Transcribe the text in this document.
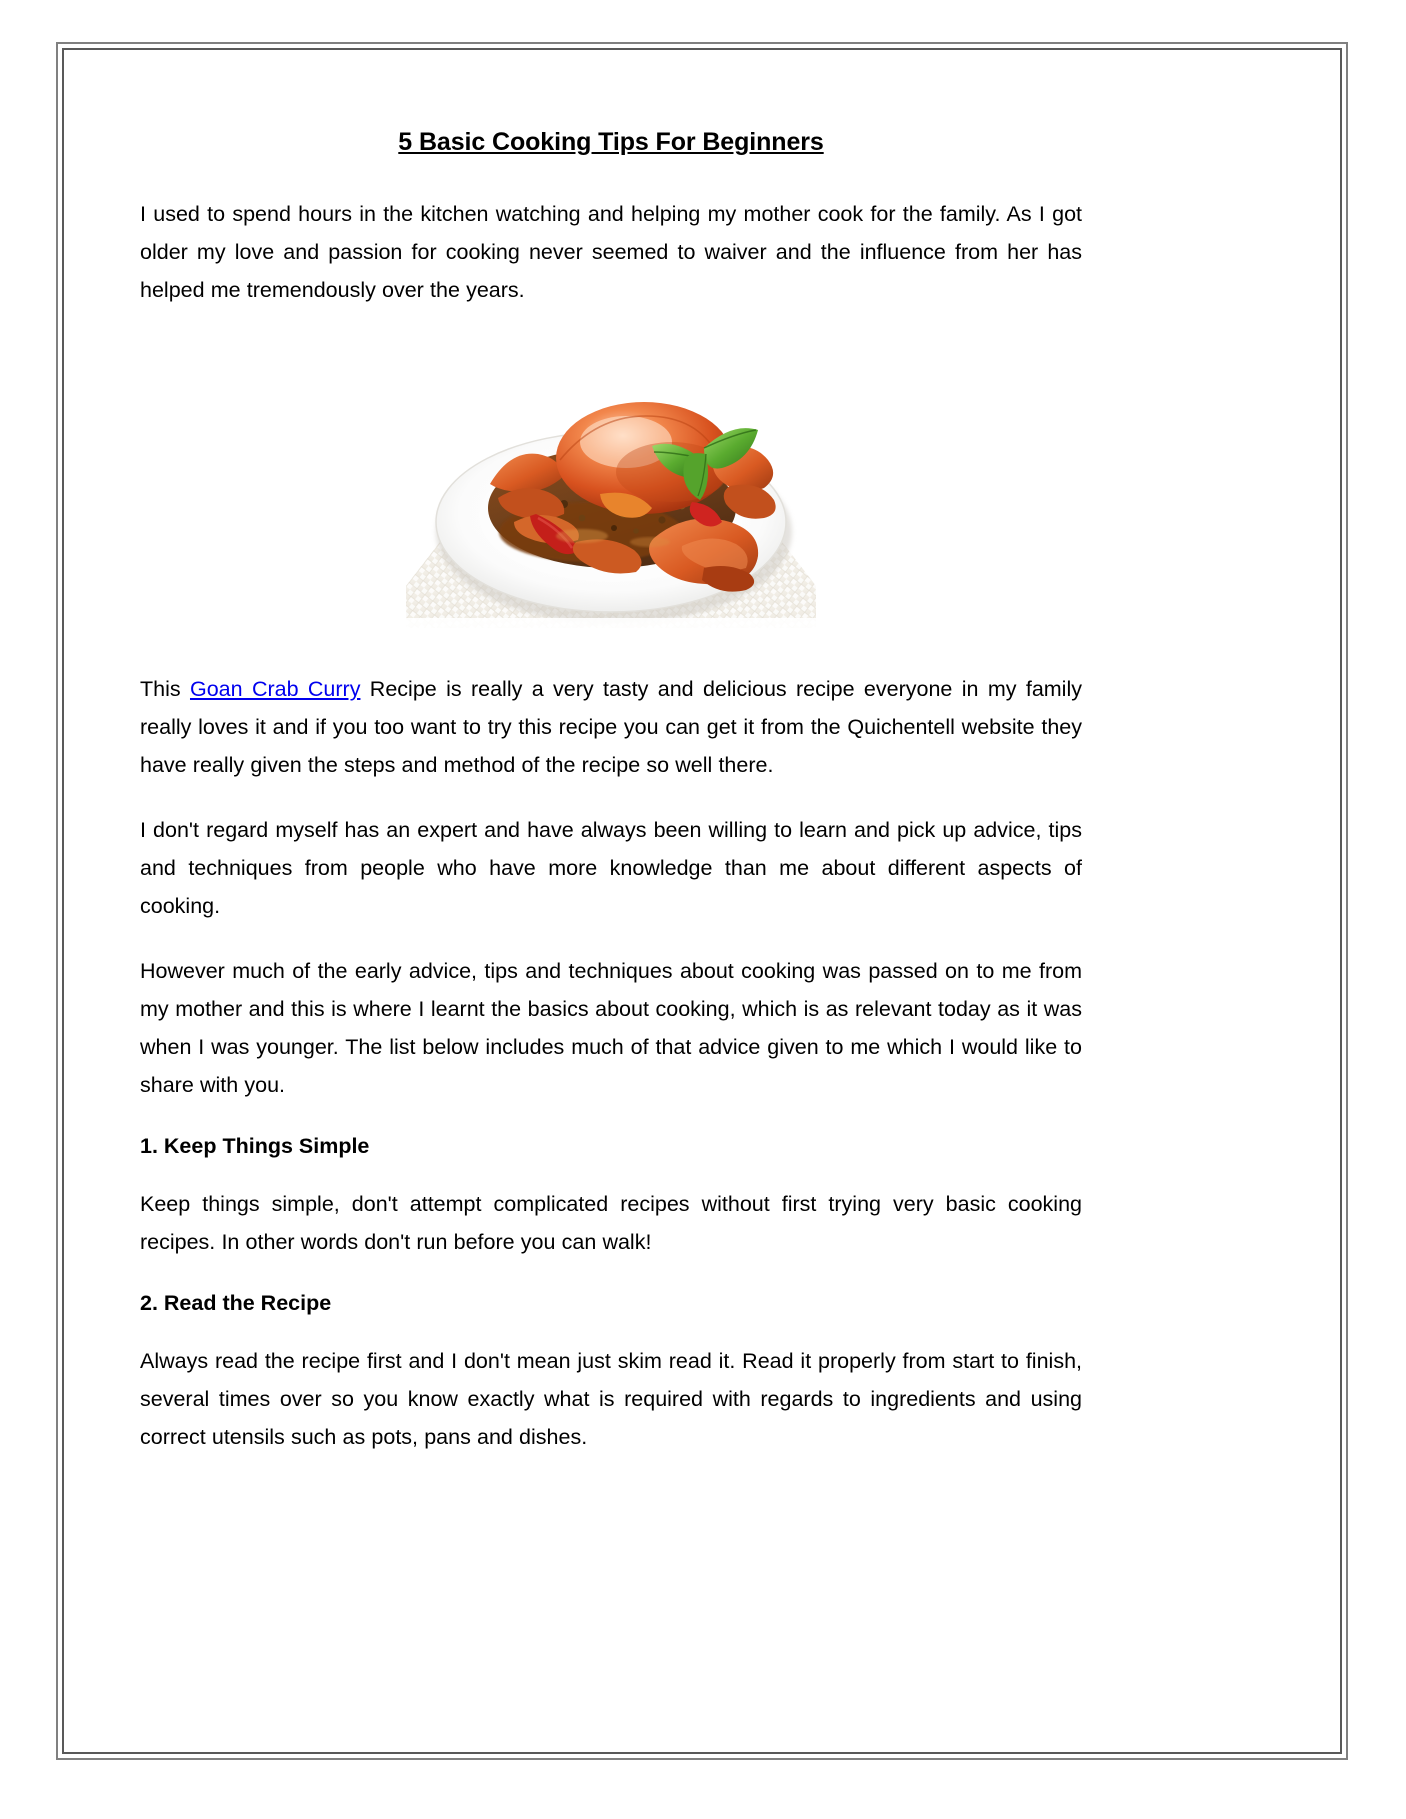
5 Basic Cooking Tips For Beginners

I used to spend hours in the kitchen watching and helping my mother cook for the family. As I got older my love and passion for cooking never seemed to waiver and the influence from her has helped me tremendously over the years.

This Goan Crab Curry Recipe is really a very tasty and delicious recipe everyone in my family really loves it and if you too want to try this recipe you can get it from the Quichentell website they have really given the steps and method of the recipe so well there.

I don't regard myself has an expert and have always been willing to learn and pick up advice, tips and techniques from people who have more knowledge than me about different aspects of cooking.

However much of the early advice, tips and techniques about cooking was passed on to me from my mother and this is where I learnt the basics about cooking, which is as relevant today as it was when I was younger. The list below includes much of that advice given to me which I would like to share with you.

1. Keep Things Simple

Keep things simple, don't attempt complicated recipes without first trying very basic cooking recipes. In other words don't run before you can walk!

2. Read the Recipe

Always read the recipe first and I don't mean just skim read it. Read it properly from start to finish, several times over so you know exactly what is required with regards to ingredients and using correct utensils such as pots, pans and dishes.
